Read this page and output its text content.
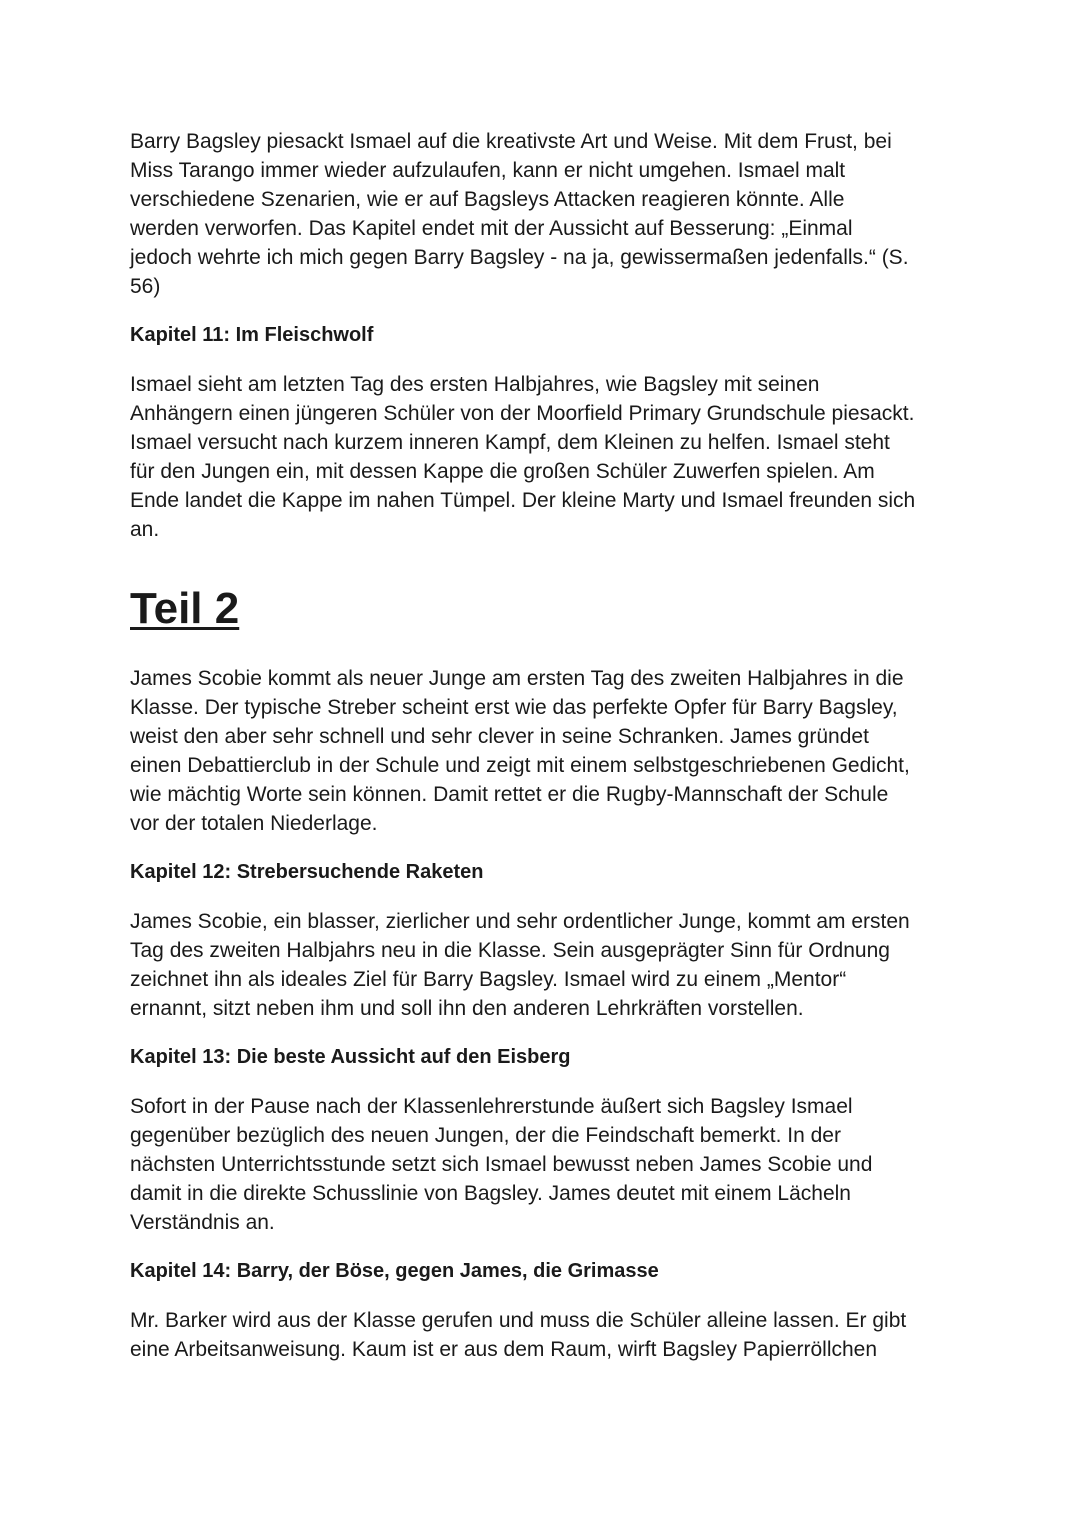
Barry Bagsley piesackt Ismael auf die kreativste Art und Weise. Mit dem Frust, bei
Miss Tarango immer wieder aufzulaufen, kann er nicht umgehen. Ismael malt
verschiedene Szenarien, wie er auf Bagsleys Attacken reagieren könnte. Alle
werden verworfen. Das Kapitel endet mit der Aussicht auf Besserung: „Einmal
jedoch wehrte ich mich gegen Barry Bagsley - na ja, gewissermaßen jedenfalls.“ (S.
56)

Kapitel 11: Im Fleischwolf

Ismael sieht am letzten Tag des ersten Halbjahres, wie Bagsley mit seinen
Anhängern einen jüngeren Schüler von der Moorfield Primary Grundschule piesackt.
Ismael versucht nach kurzem inneren Kampf, dem Kleinen zu helfen. Ismael steht
für den Jungen ein, mit dessen Kappe die großen Schüler Zuwerfen spielen. Am
Ende landet die Kappe im nahen Tümpel. Der kleine Marty und Ismael freunden sich
an.

Teil 2

James Scobie kommt als neuer Junge am ersten Tag des zweiten Halbjahres in die
Klasse. Der typische Streber scheint erst wie das perfekte Opfer für Barry Bagsley,
weist den aber sehr schnell und sehr clever in seine Schranken. James gründet
einen Debattierclub in der Schule und zeigt mit einem selbstgeschriebenen Gedicht,
wie mächtig Worte sein können. Damit rettet er die Rugby-Mannschaft der Schule
vor der totalen Niederlage.

Kapitel 12: Strebersuchende Raketen

James Scobie, ein blasser, zierlicher und sehr ordentlicher Junge, kommt am ersten
Tag des zweiten Halbjahrs neu in die Klasse. Sein ausgeprägter Sinn für Ordnung
zeichnet ihn als ideales Ziel für Barry Bagsley. Ismael wird zu einem „Mentor“
ernannt, sitzt neben ihm und soll ihn den anderen Lehrkräften vorstellen.

Kapitel 13: Die beste Aussicht auf den Eisberg

Sofort in der Pause nach der Klassenlehrerstunde äußert sich Bagsley Ismael
gegenüber bezüglich des neuen Jungen, der die Feindschaft bemerkt. In der
nächsten Unterrichtsstunde setzt sich Ismael bewusst neben James Scobie und
damit in die direkte Schusslinie von Bagsley. James deutet mit einem Lächeln
Verständnis an.

Kapitel 14: Barry, der Böse, gegen James, die Grimasse

Mr. Barker wird aus der Klasse gerufen und muss die Schüler alleine lassen. Er gibt
eine Arbeitsanweisung. Kaum ist er aus dem Raum, wirft Bagsley Papierröllchen
